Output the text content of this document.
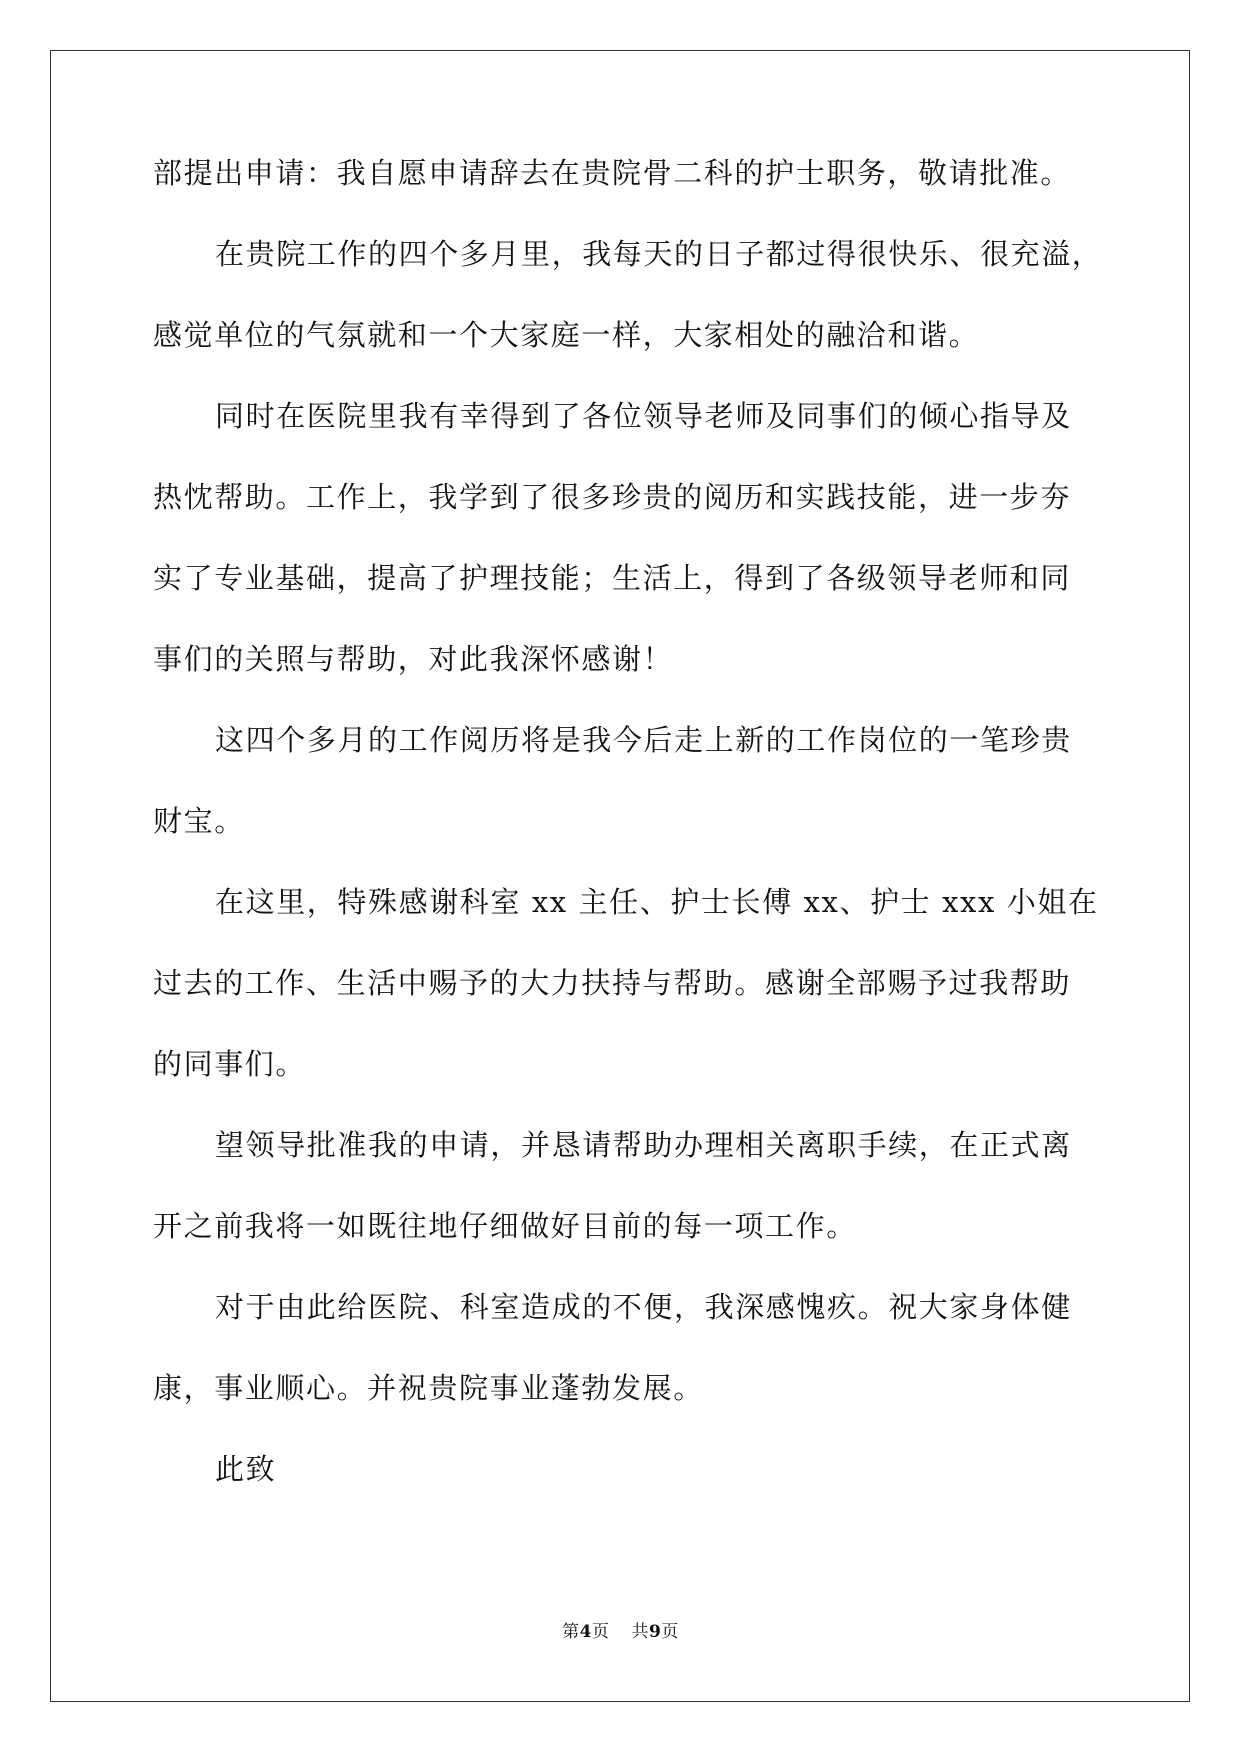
部提出申请：我自愿申请辞去在贵院骨二科的护士职务，敬请批准。
在贵院工作的四个多月里，我每天的日子都过得很快乐、很充溢，
感觉单位的气氛就和一个大家庭一样，大家相处的融洽和谐。
同时在医院里我有幸得到了各位领导老师及同事们的倾心指导及
热忱帮助。工作上，我学到了很多珍贵的阅历和实践技能，进一步夯
实了专业基础，提高了护理技能；生活上，得到了各级领导老师和同
事们的关照与帮助，对此我深怀感谢！
这四个多月的工作阅历将是我今后走上新的工作岗位的一笔珍贵
财宝。
在这里，特殊感谢科室 xx 主任、护士长傅 xx、护士 xxx 小姐在
过去的工作、生活中赐予的大力扶持与帮助。感谢全部赐予过我帮助
的同事们。
望领导批准我的申请，并恳请帮助办理相关离职手续，在正式离
开之前我将一如既往地仔细做好目前的每一项工作。
对于由此给医院、科室造成的不便，我深感愧疚。祝大家身体健
康，事业顺心。并祝贵院事业蓬勃发展。
此致
第4页 共9页
